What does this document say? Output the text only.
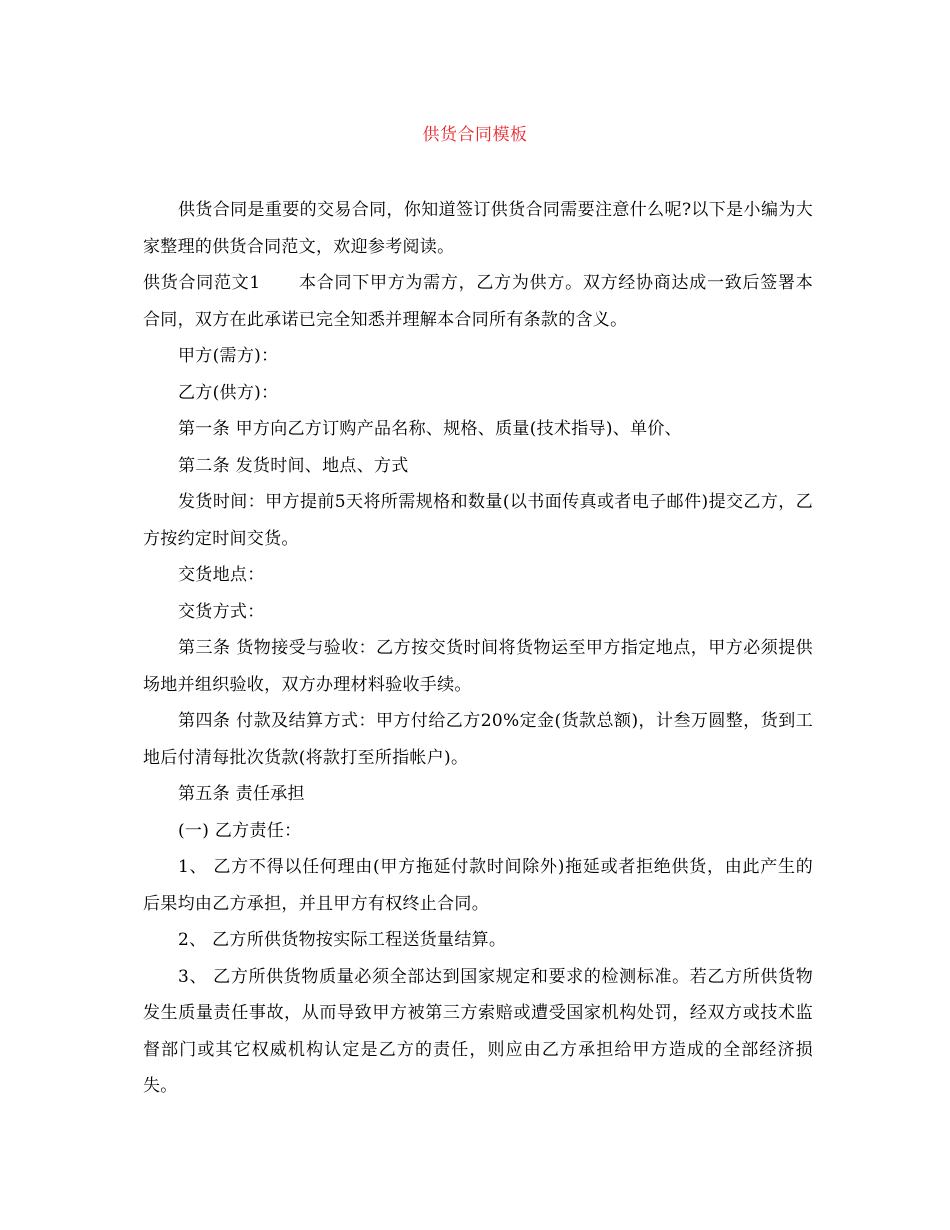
供货合同模板

供货合同是重要的交易合同，你知道签订供货合同需要注意什么呢?以下是小编为大家整理的供货合同范文，欢迎参考阅读。

供货合同范文1 本合同下甲方为需方，乙方为供方。双方经协商达成一致后签署本合同，双方在此承诺已完全知悉并理解本合同所有条款的含义。

甲方(需方)：

乙方(供方)：

第一条 甲方向乙方订购产品名称、规格、质量(技术指导)、单价、

第二条 发货时间、地点、方式

发货时间：甲方提前5天将所需规格和数量(以书面传真或者电子邮件)提交乙方，乙方按约定时间交货。

交货地点：

交货方式：

第三条 货物接受与验收：乙方按交货时间将货物运至甲方指定地点，甲方必须提供场地并组织验收，双方办理材料验收手续。

第四条 付款及结算方式：甲方付给乙方20%定金(货款总额)，计叁万圆整，货到工地后付清每批次货款(将款打至所指帐户)。

第五条 责任承担

(一) 乙方责任：

1、 乙方不得以任何理由(甲方拖延付款时间除外)拖延或者拒绝供货，由此产生的后果均由乙方承担，并且甲方有权终止合同。

2、 乙方所供货物按实际工程送货量结算。

3、 乙方所供货物质量必须全部达到国家规定和要求的检测标准。若乙方所供货物发生质量责任事故，从而导致甲方被第三方索赔或遭受国家机构处罚，经双方或技术监督部门或其它权威机构认定是乙方的责任，则应由乙方承担给甲方造成的全部经济损失。
